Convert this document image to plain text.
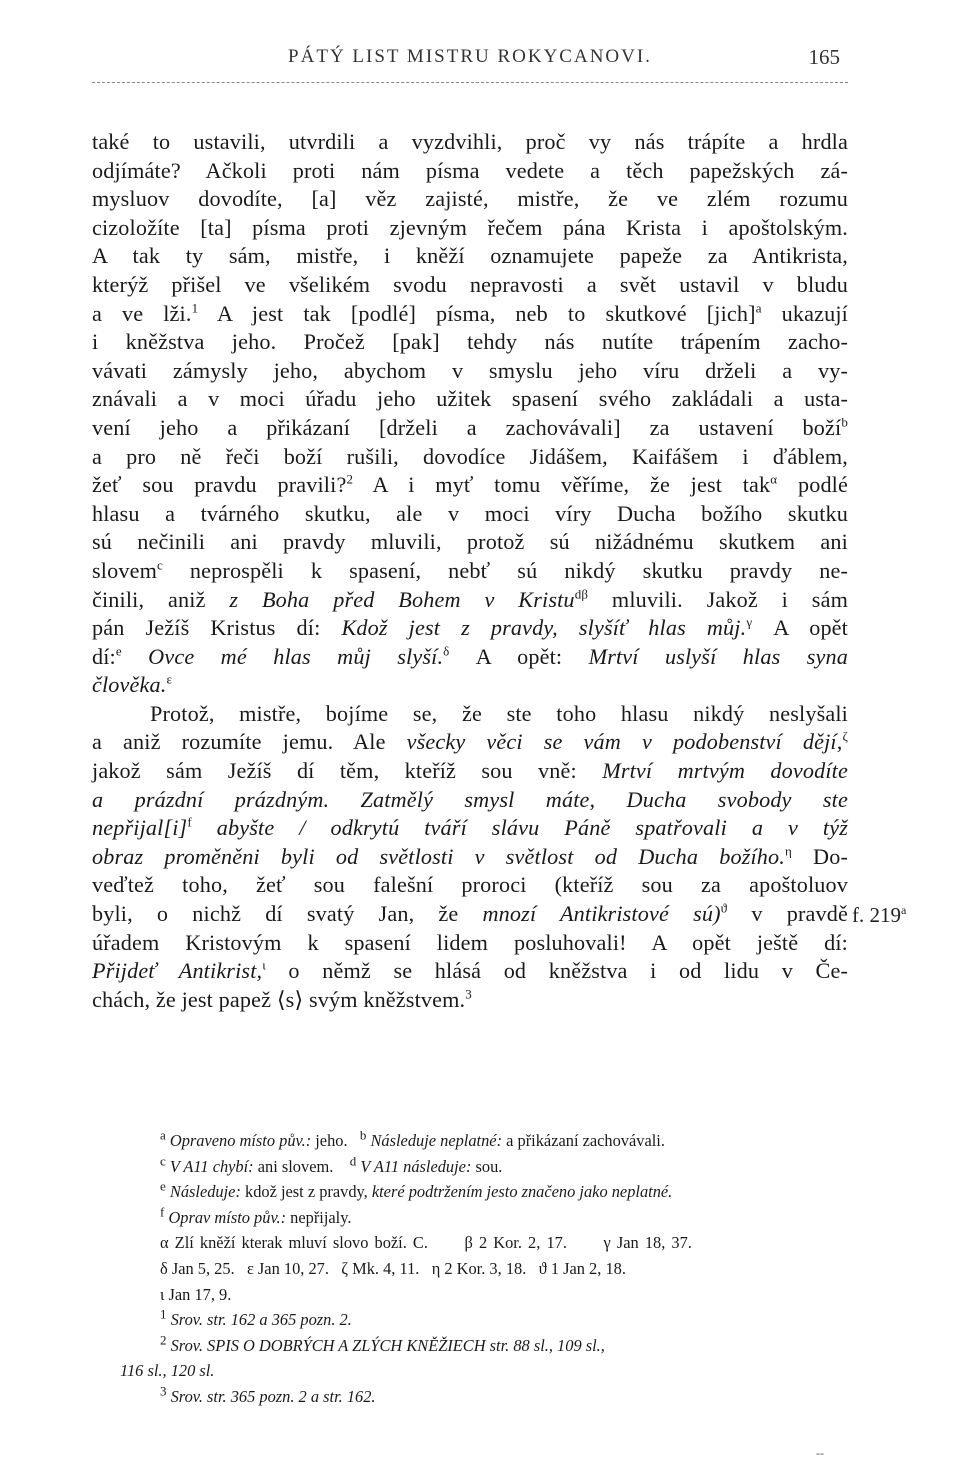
PÁTÝ LIST MISTRU ROKYCANOVI.	165
také to ustavili, utvrdili a vyzdvihli, proč vy nás trápíte a hrdla
odjímáte? Ačkoli proti nám písma vedete a těch papežských zá-
mysluov dovodíte, [a] věz zajisté, mistře, že ve zlém rozumu
cizoložíte [ta] písma proti zjevným řečem pána Krista i apoštolským.
A tak ty sám, mistře, i kněží oznamujete papeže za Antikrista,
kterýž přišel ve všelikém svodu nepravosti a svět ustavil v bludu
a ve lži.$^1$ A jest tak [podlé] písma, neb to skutkové [jich]$^a$ ukazují
i kněžstva jeho. Pročež [pak] tehdy nás nutíte trápením zacho-
vávati zámysly jeho, abychom v smyslu jeho víru drželi a vy-
znávali a v moci úřadu jeho užitek spasení svého zakládali a usta-
vení jeho a přikázaní [drželi a zachovávali] za ustavení boží$^b$
a pro ně řeči boží rušili, dovodíce Jidášem, Kaifášem i ďáblem,
žeť sou pravdu pravili?$^2$ A i myť tomu věříme, že jest tak$^\alpha$ podlé
hlasu a tvárného skutku, ale v moci víry Ducha božího skutku
sú nečinili ani pravdy mluvili, protož sú nižádnému skutkem ani
slovem$^c$ neprospěli k spasení, nebť sú nikdý skutku pravdy ne-
činili, aniž z Boha před Bohem v Kristu$^{d\beta}$ mluvili. Jakož i sám
pán Ježíš Kristus dí: Kdož jest z pravdy, slyšíť hlas můj.$^\gamma$ A opět
dí:$^e$ Ovce mé hlas můj slyší.$^\delta$ A opět: Mrtví uslyší hlas syna
člověka.$^\varepsilon$
Protož, mistře, bojíme se, že ste toho hlasu nikdý neslyšali
a aniž rozumíte jemu. Ale všecky věci se vám v podobenství dějí,$^\zeta$
jakož sám Ježíš dí těm, kteříž sou vně: Mrtví mrtvým dovodíte
a prázdní prázdným. Zatmělý smysl máte, Ducha svobody ste
$nepřijal[i]^f$ abyšte / odkrytú tváří slávu Páně spatřovali a v týž
obraz proměněni byli od světlosti v světlost od Ducha božího.$^\eta$ Do-
veďtež toho, žeť sou falešní proroci (kteříž sou za apoštoluov
byli, o nichž dí svatý Jan, že mnozí Antikristové sú)$^ϑ$ v pravdě
úřadem Kristovým k spasení lidem posluhovali! A opět ještě dí:
Přijdeť Antikrist,$^\iota$ o němž se hlásá od kněžstva i od lidu v Če-
chách, že jest papež ⟨s⟩ svým kněžstvem.$^3$
f. 219$^a$
$^a$ Opraveno místo pův.: jeho. $^b$ Následuje neplatné: a přikázaní zachovávali.
$^c$ V A11 chybí: ani slovem. $^d$ V A11 následuje: sou.
$^e$ Následuje: kdož jest z pravdy, které podtržením jesto značeno jako neplatné.
$^f$ Oprav místo pův.: nepřijaly.
α Zlí kněží kterak mluví slovo boží. C. β 2 Kor. 2, 17. γ Jan 18, 37.
δ Jan 5, 25. ε Jan 10, 27. ζ Mk. 4, 11. η 2 Kor. 3, 18. ϑ 1 Jan 2, 18.
ι Jan 17, 9.
$^1$ Srov. str. 162 a 365 pozn. 2.
$^2$ Srov. SPIS O DOBRÝCH A ZLÝCH KNĚŽIECH str. 88 sl., 109 sl.,
116 sl., 120 sl.
$^3$ Srov. str. 365 pozn. 2 a str. 162.
‑‑
